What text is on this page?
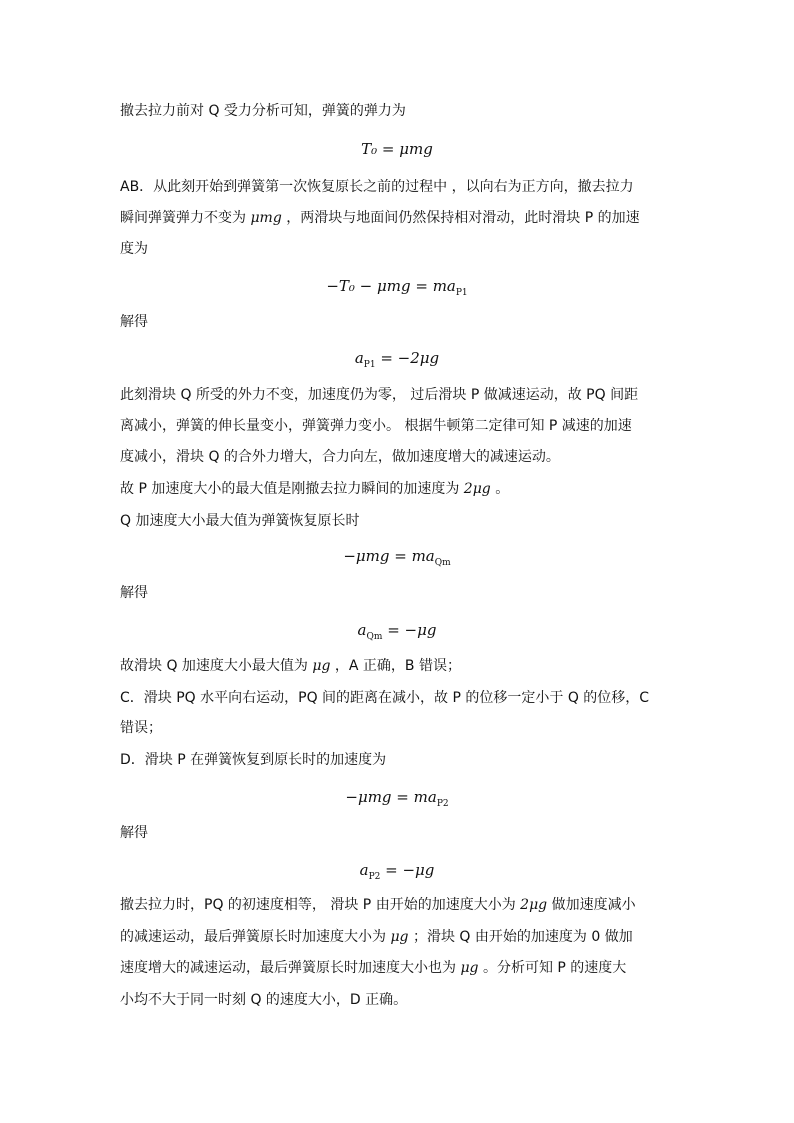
撤去拉力前对 Q 受力分析可知，弹簧的弹力为
T₀ = μmg
AB．从此刻开始到弹簧第一次恢复原长之前的过程中 ，以向右为正方向，撤去拉力
瞬间弹簧弹力不变为 μmg ，两滑块与地面间仍然保持相对滑动，此时滑块 P 的加速
度为
$-T_0 - \mu mg = ma_{P1}$
解得
$a_{P1} = -2\mu g$
此刻滑块 Q 所受的外力不变，加速度仍为零， 过后滑块 P 做减速运动，故 PQ 间距
离减小，弹簧的伸长量变小，弹簧弹力变小。 根据牛顿第二定律可知 P 减速的加速
度减小，滑块 Q 的合外力增大，合力向左，做加速度增大的减速运动。
故 P 加速度大小的最大值是刚撤去拉力瞬间的加速度为 2μg 。
Q 加速度大小最大值为弹簧恢复原长时
$-\mu mg = ma_{Qm}$
解得
$a_{Qm} = -\mu g$
故滑块 Q 加速度大小最大值为 μg ，A 正确，B 错误；
C．滑块 PQ 水平向右运动，PQ 间的距离在减小，故 P 的位移一定小于 Q 的位移，C
错误；
D．滑块 P 在弹簧恢复到原长时的加速度为
$-\mu mg = ma_{P2}$
解得
$a_{P2} = -\mu g$
撤去拉力时，PQ 的初速度相等， 滑块 P 由开始的加速度大小为 2μg 做加速度减小
的减速运动，最后弹簧原长时加速度大小为 μg ；滑块 Q 由开始的加速度为 0 做加
速度增大的减速运动，最后弹簧原长时加速度大小也为 μg 。分析可知 P 的速度大
小均不大于同一时刻 Q 的速度大小，D 正确。
